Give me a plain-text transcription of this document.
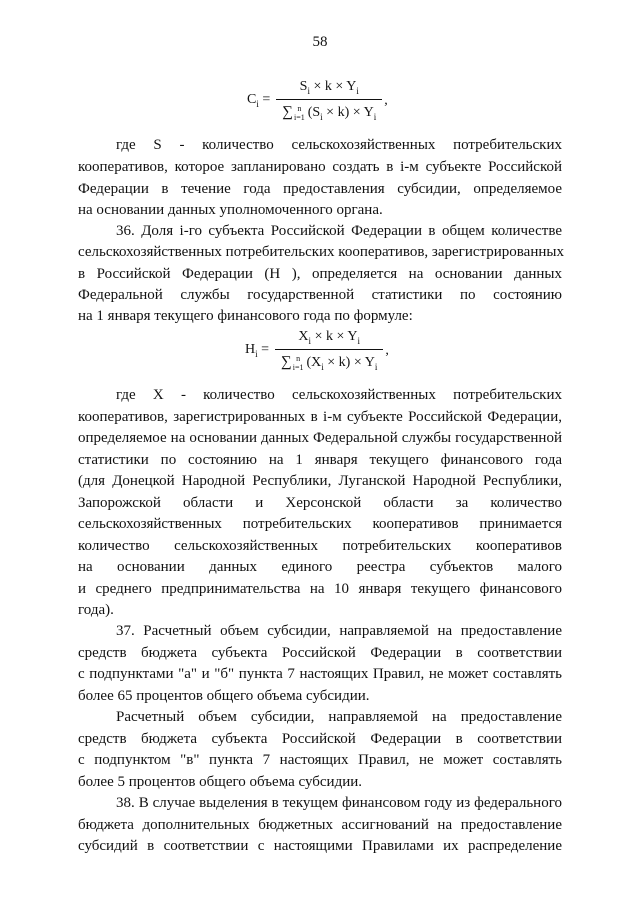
58
$C_i$ =
$S_i \times k \times Y_i$
∑ n
i=1 $(S_i \times k) \times Y_i$
,
$H_i$ =
$X_i \times k \times Y_i$
∑ n
i=1 $(X_i \times k) \times Y_i$
,
где S - количество сельскохозяйственных потребительских
кооперативов, которое запланировано создать в i-м субъекте Российской
Федерации в течение года предоставления субсидии, определяемое
на основании данных уполномоченного органа.
36. Доля i-го субъекта Российской Федерации в общем количестве
сельскохозяйственных потребительских кооперативов, зарегистрированных
в Российской Федерации (H ), определяется на основании данных
Федеральной службы государственной статистики по состоянию
на 1 января текущего финансового года по формуле:
где X - количество сельскохозяйственных потребительских
кооперативов, зарегистрированных в i-м субъекте Российской Федерации,
определяемое на основании данных Федеральной службы государственной
статистики по состоянию на 1 января текущего финансового года
(для Донецкой Народной Республики, Луганской Народной Республики,
Запорожской области и Херсонской области за количество
сельскохозяйственных потребительских кооперативов принимается
количество сельскохозяйственных потребительских кооперативов
на основании данных единого реестра субъектов малого
и среднего предпринимательства на 10 января текущего финансового
года).
37. Расчетный объем субсидии, направляемой на предоставление
средств бюджета субъекта Российской Федерации в соответствии
с подпунктами "а" и "б" пункта 7 настоящих Правил, не может составлять
более 65 процентов общего объема субсидии.
Расчетный объем субсидии, направляемой на предоставление
средств бюджета субъекта Российской Федерации в соответствии
с подпунктом "в" пункта 7 настоящих Правил, не может составлять
более 5 процентов общего объема субсидии.
38. В случае выделения в текущем финансовом году из федерального
бюджета дополнительных бюджетных ассигнований на предоставление
субсидий в соответствии с настоящими Правилами их распределение
